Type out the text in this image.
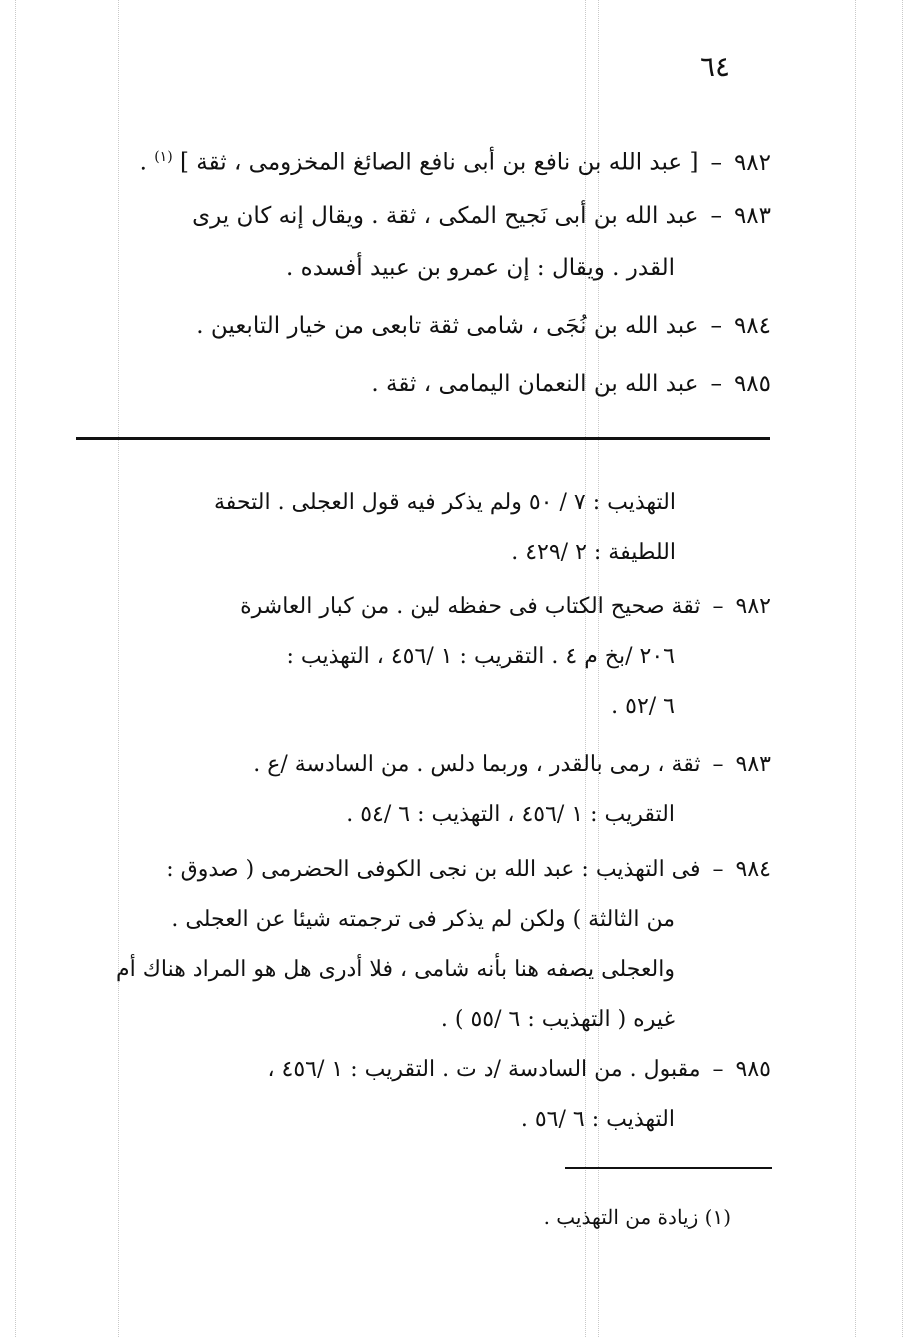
٦٤
٩٨٢–[ عبد الله بن نافع بن أبى نافع الصائغ المخزومى ، ثقة ] $^{(١)}$ .
٩٨٣–عبد الله بن أبى نَجيح المكى ، ثقة . ويقال إنه كان يرى
القدر . ويقال : إن عمرو بن عبيد أفسده .
٩٨٤–عبد الله بن نُجَى ، شامى ثقة تابعى من خيار التابعين .
٩٨٥–عبد الله بن النعمان اليمامى ، ثقة .
التهذيب : ٧ / ٥٠ ولم يذكر فيه قول العجلى . التحفة
اللطيفة : ٢ /٤٢٩ .
٩٨٢–ثقة صحيح الكتاب فى حفظه لين . من كبار العاشرة
٢٠٦ /بخ م ٤ . التقريب : ١ /٤٥٦ ، التهذيب :
٦ /٥٢ .
٩٨٣–ثقة ، رمى بالقدر ، وربما دلس . من السادسة /ع .
التقريب : ١ /٤٥٦ ، التهذيب : ٦ /٥٤ .
٩٨٤–فى التهذيب : عبد الله بن نجى الكوفى الحضرمى ( صدوق :
من الثالثة ) ولكن لم يذكر فى ترجمته شيئا عن العجلى .
والعجلى يصفه هنا بأنه شامى ، فلا أدرى هل هو المراد هناك أم
غيره ( التهذيب : ٦ /٥٥ ) .
٩٨٥–مقبول . من السادسة /د ت . التقريب : ١ /٤٥٦ ،
التهذيب : ٦ /٥٦ .
(١) زيادة من التهذيب .
